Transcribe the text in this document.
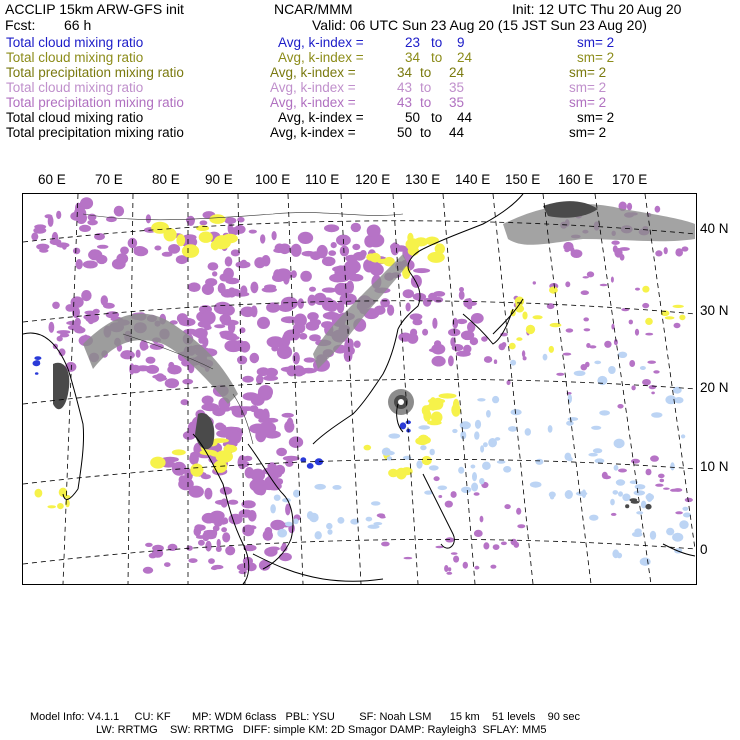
ACCLIP 15km ARW-GFS init	NCAR/MMM	Init: 12 UTC Thu 20 Aug 20
Fcst: 66 h	Valid: 06 UTC Sun 23 Aug 20 (15 JST Sun 23 Aug 20)
Total cloud mixing ratio	Avg, k-index =	23 to 9	sm= 2
Total cloud mixing ratio	Avg, k-index =	34 to 24	sm= 2
Total precipitation mixing ratio	Avg, k-index =	34 to 24	sm= 2
Total cloud mixing ratio	Avg, k-index =	43 to 35	sm= 2
Total precipitation mixing ratio	Avg, k-index =	43 to 35	sm= 2
Total cloud mixing ratio	Avg, k-index =	50 to 44	sm= 2
Total precipitation mixing ratio	Avg, k-index =	50 to 44	sm= 2
60 E 70 E 80 E 90 E 100 E 110 E 120 E 130 E 140 E 150 E 160 E 170 E
40 N
30 N
20 N
10 N
0
Model Info: V4.1.1     CU: KF       MP: WDM 6class   PBL: YSU        SF: Noah LSM      15 km    51 levels    90 sec
LW: RRTMG    SW: RRTMG   DIFF: simple KM: 2D Smagor DAMP: Rayleigh3  SFLAY: MM5
